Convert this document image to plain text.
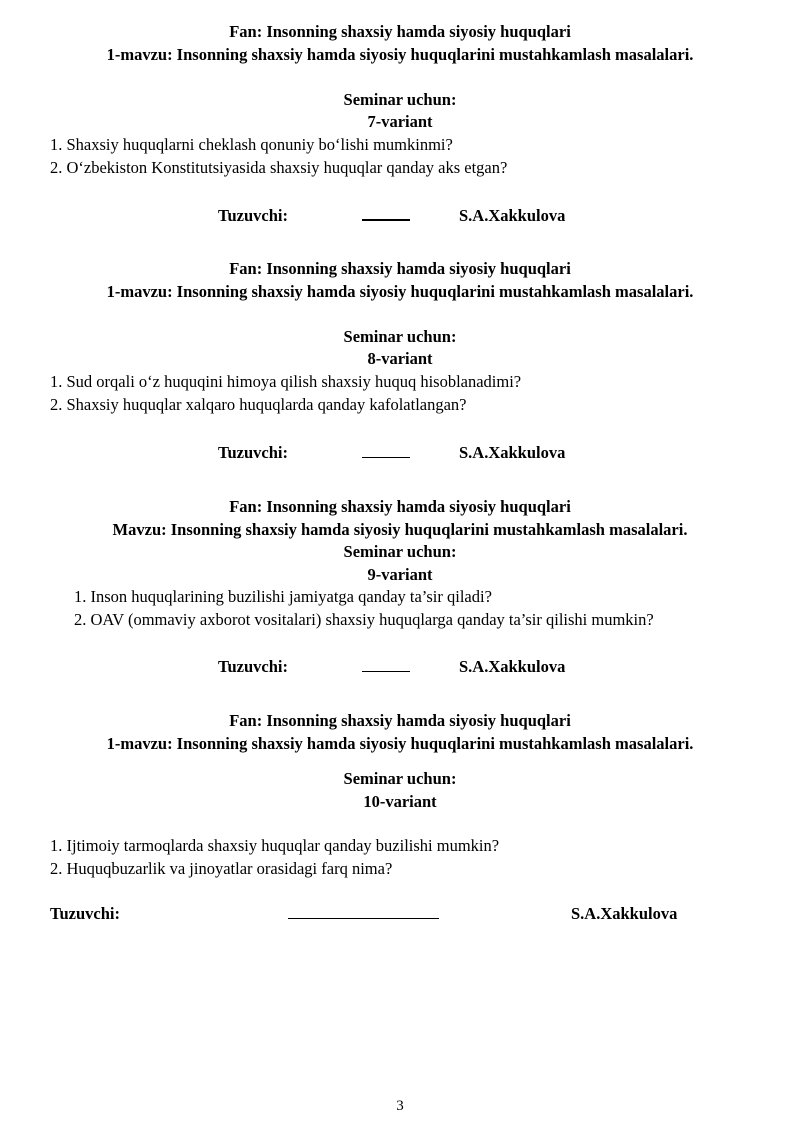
Fan: Insonning shaxsiy hamda siyosiy huquqlari
1-mavzu: Insonning shaxsiy hamda siyosiy huquqlarini mustahkamlash masalalari.
Seminar uchun:
7-variant
1. Shaxsiy huquqlarni cheklash qonuniy bo‘lishi mumkinmi?
2. O‘zbekiston Konstitutsiyasida shaxsiy huquqlar qanday aks etgan?
Tuzuvchi:	S.A.Xakkulova
Fan: Insonning shaxsiy hamda siyosiy huquqlari
1-mavzu: Insonning shaxsiy hamda siyosiy huquqlarini mustahkamlash masalalari.
Seminar uchun:
8-variant
1. Sud orqali o‘z huquqini himoya qilish shaxsiy huquq hisoblanadimi?
2. Shaxsiy huquqlar xalqaro huquqlarda qanday kafolatlangan?
Tuzuvchi:	S.A.Xakkulova
Fan: Insonning shaxsiy hamda siyosiy huquqlari
Mavzu: Insonning shaxsiy hamda siyosiy huquqlarini mustahkamlash masalalari.
Seminar uchun:
9-variant
1. Inson huquqlarining buzilishi jamiyatga qanday ta’sir qiladi?
2. OAV (ommaviy axborot vositalari) shaxsiy huquqlarga qanday ta’sir qilishi mumkin?
Tuzuvchi:	S.A.Xakkulova
Fan: Insonning shaxsiy hamda siyosiy huquqlari
1-mavzu: Insonning shaxsiy hamda siyosiy huquqlarini mustahkamlash masalalari.
Seminar uchun:
10-variant
1. Ijtimoiy tarmoqlarda shaxsiy huquqlar qanday buzilishi mumkin?
2. Huquqbuzarlik va jinoyatlar orasidagi farq nima?
Tuzuvchi:	S.A.Xakkulova
3
